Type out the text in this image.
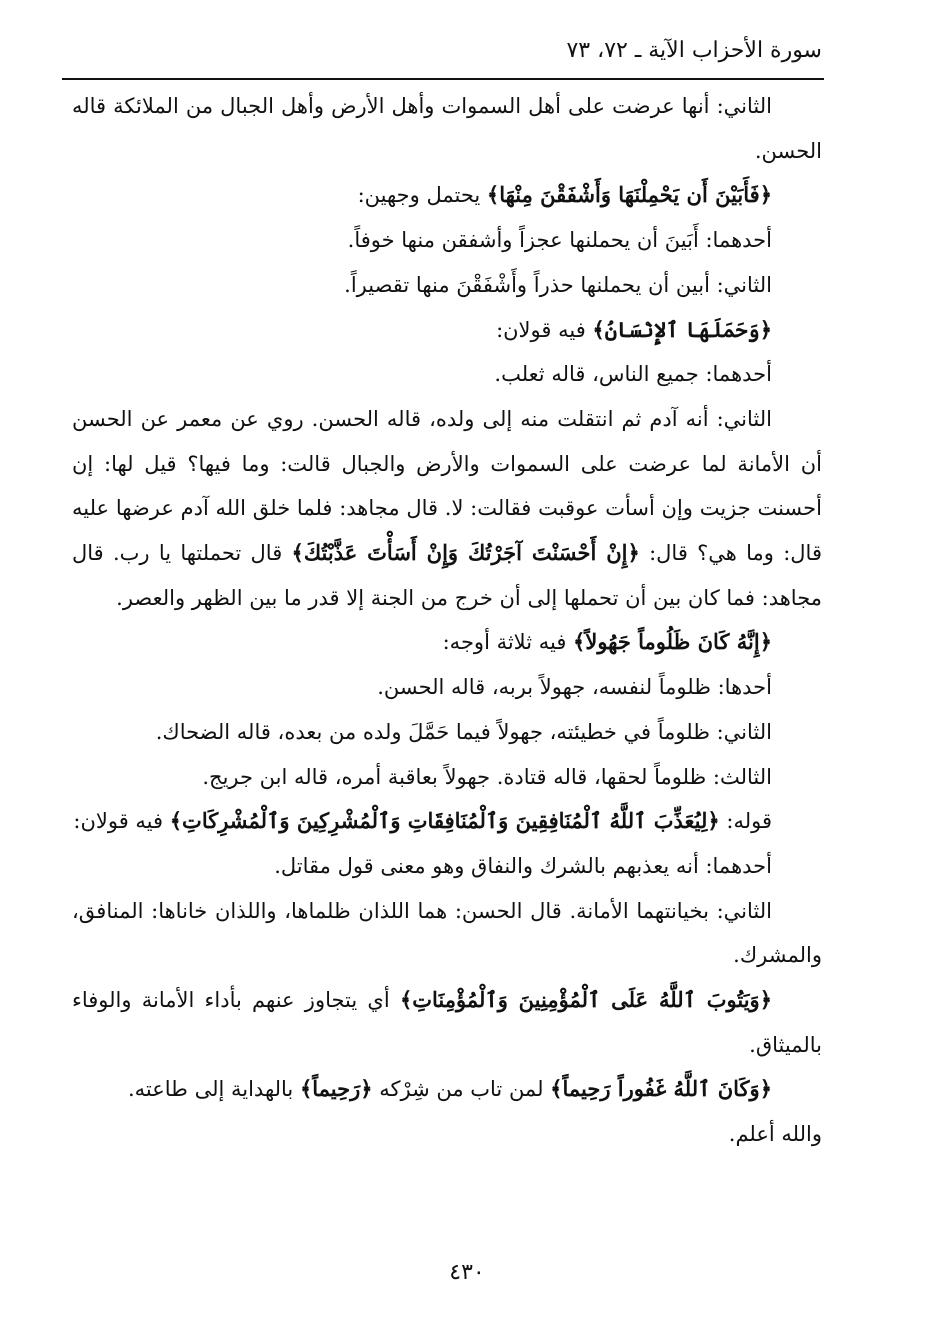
سورة الأحزاب الآية ـ ٧٢، ٧٣

الثاني: أنها عرضت على أهل السموات وأهل الأرض وأهل الجبال من الملائكة قاله الحسن.

﴿فَأَبَيْنَ أَن يَحْمِلْنَهَا وَأَشْفَقْنَ مِنْهَا﴾ يحتمل وجهين:

أحدهما: أَبَينَ أن يحملنها عجزاً وأشفقن منها خوفاً.

الثاني: أبين أن يحملنها حذراً وأَشْفَقْنَ منها تقصيراً.

﴿وَحَمَلَهَا ٱلإِنْسَانُ﴾ فيه قولان:

أحدهما: جميع الناس، قاله ثعلب.

الثاني: أنه آدم ثم انتقلت منه إلى ولده، قاله الحسن. روي عن معمر عن الحسن أن الأمانة لما عرضت على السموات والأرض والجبال قالت: وما فيها؟ قيل لها: إن أحسنت جزيت وإن أسأت عوقبت فقالت: لا. قال مجاهد: فلما خلق الله آدم عرضها عليه قال: وما هي؟ قال: ﴿إِنْ أَحْسَنْتَ آجَرْتُكَ وَإِنْ أَسَأْتَ عَذَّبْتُكَ﴾ قال تحملتها يا رب. قال مجاهد: فما كان بين أن تحملها إلى أن خرج من الجنة إلا قدر ما بين الظهر والعصر.

﴿إِنَّهُ كَانَ ظَلُوماً جَهُولاً﴾ فيه ثلاثة أوجه:

أحدها: ظلوماً لنفسه، جهولاً بربه، قاله الحسن.

الثاني: ظلوماً في خطيئته، جهولاً فيما حَمَّلَ ولده من بعده، قاله الضحاك.

الثالث: ظلوماً لحقها، قاله قتادة. جهولاً بعاقبة أمره، قاله ابن جريج.

قوله: ﴿لِيُعَذِّبَ ٱللَّهُ ٱلْمُنَافِقِينَ وَٱلْمُنَافِقَاتِ وَٱلْمُشْرِكِينَ وَٱلْمُشْرِكَاتِ﴾ فيه قولان:

أحدهما: أنه يعذبهم بالشرك والنفاق وهو معنى قول مقاتل.

الثاني: بخيانتهما الأمانة. قال الحسن: هما اللذان ظلماها، واللذان خاناها: المنافق، والمشرك.

﴿وَيَتُوبَ ٱللَّهُ عَلَى ٱلْمُؤْمِنِينَ وَٱلْمُؤْمِنَاتِ﴾ أي يتجاوز عنهم بأداء الأمانة والوفاء بالميثاق.

﴿وَكَانَ ٱللَّهُ غَفُوراً رَحِيماً﴾ لمن تاب من شِرْكه ﴿رَحِيماً﴾ بالهداية إلى طاعته.

والله أعلم.

٤٣٠
